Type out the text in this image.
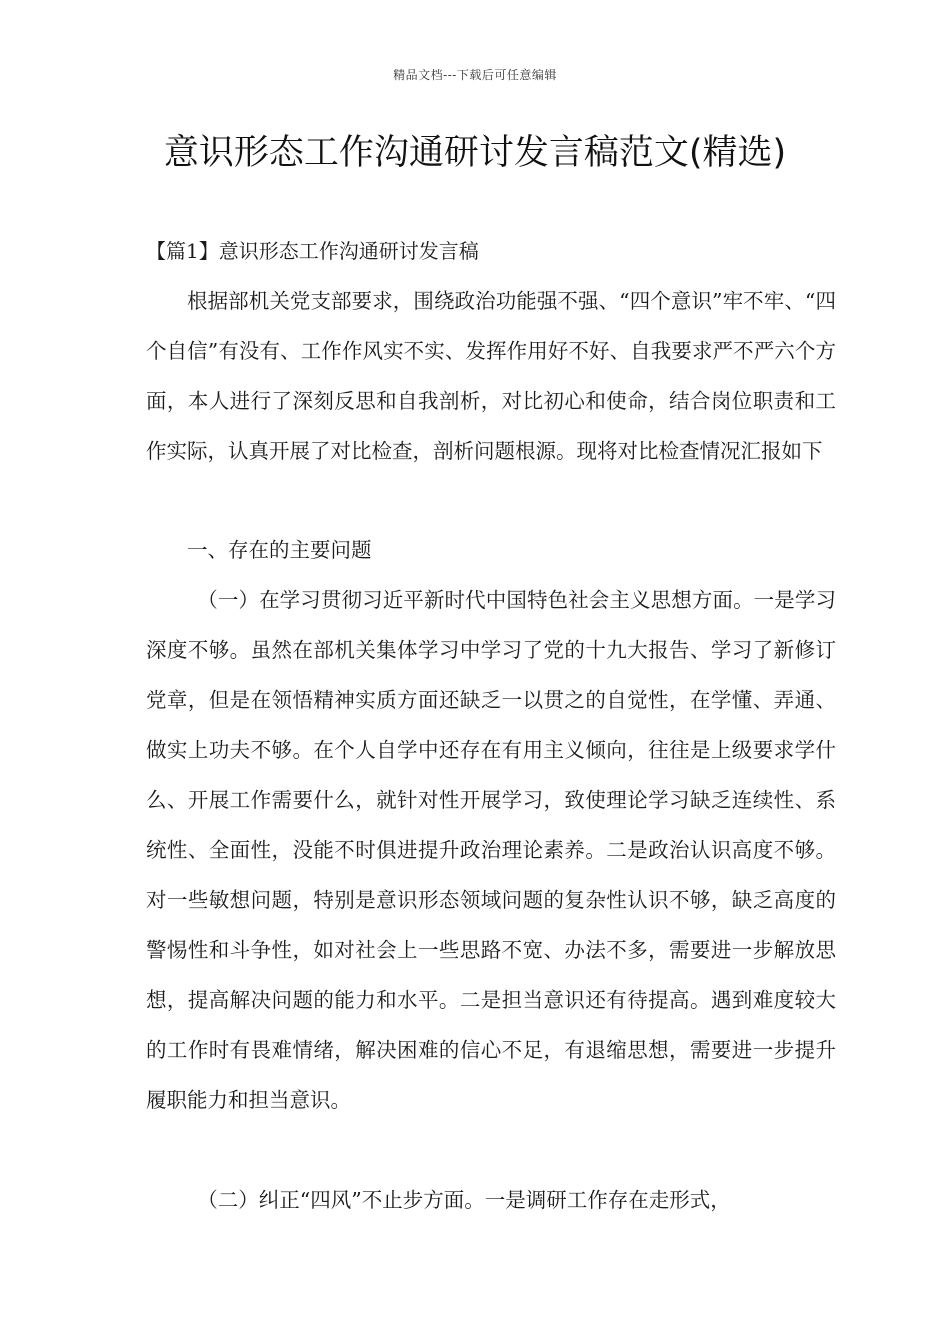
精品文档---下载后可任意编辑
意识形态工作沟通研讨发言稿范文(精选)
【篇1】意识形态工作沟通研讨发言稿

根据部机关党支部要求，围绕政治功能强不强、“四个意识”牢不牢、“四个自信”有没有、工作作风实不实、发挥作用好不好、自我要求严不严六个方面，本人进行了深刻反思和自我剖析，对比初心和使命，结合岗位职责和工作实际，认真开展了对比检查，剖析问题根源。现将对比检查情况汇报如下

一、存在的主要问题

（一）在学习贯彻习近平新时代中国特色社会主义思想方面。一是学习深度不够。虽然在部机关集体学习中学习了党的十九大报告、学习了新修订党章，但是在领悟精神实质方面还缺乏一以贯之的自觉性，在学懂、弄通、做实上功夫不够。在个人自学中还存在有用主义倾向，往往是上级要求学什么、开展工作需要什么，就针对性开展学习，致使理论学习缺乏连续性、系统性、全面性，没能不时俱进提升政治理论素养。二是政治认识高度不够。对一些敏想问题，特别是意识形态领域问题的复杂性认识不够，缺乏高度的警惕性和斗争性，如对社会上一些思路不宽、办法不多，需要进一步解放思想，提高解决问题的能力和水平。二是担当意识还有待提高。遇到难度较大的工作时有畏难情绪，解决困难的信心不足，有退缩思想，需要进一步提升履职能力和担当意识。

（二）纠正“四风”不止步方面。一是调研工作存在走形式，
